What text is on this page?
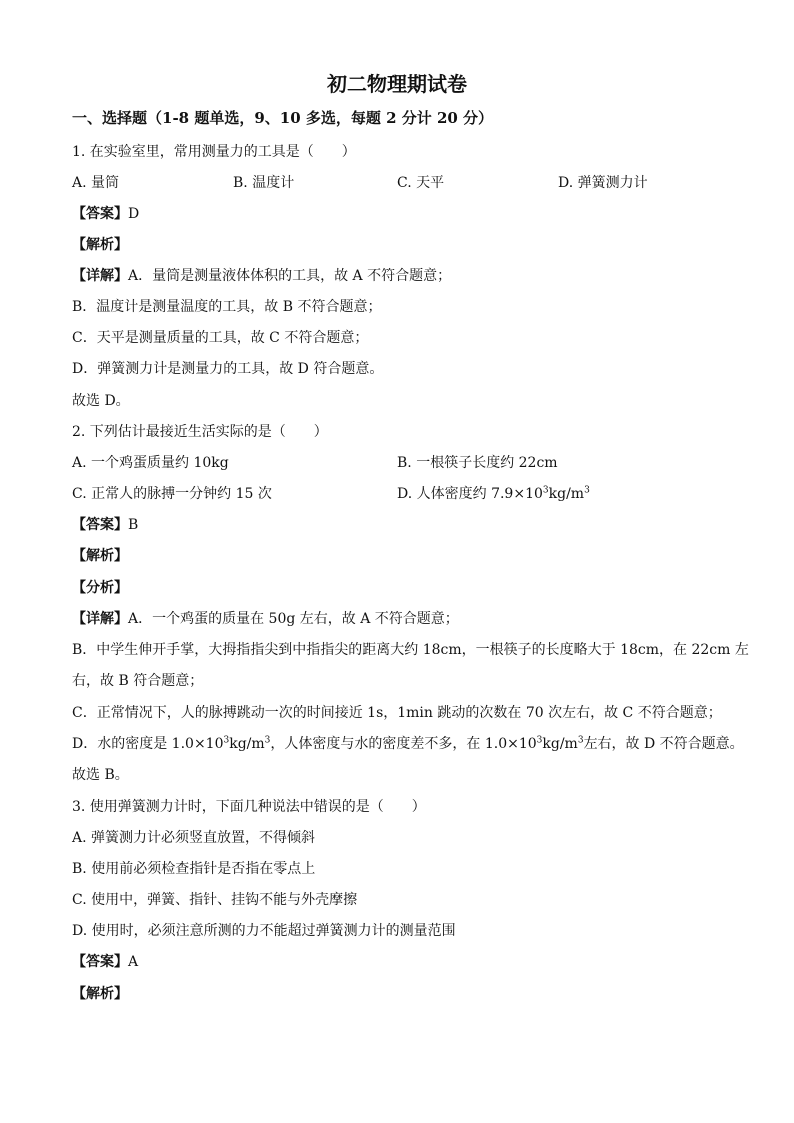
初二物理期试卷
一、选择题（1-8 题单选，9、10 多选，每题 2 分计 20 分）
1. 在实验室里，常用测量力的工具是（　　）
A. 量筒	B. 温度计	C. 天平	D. 弹簧测力计
【答案】D
【解析】
【详解】A．量筒是测量液体体积的工具，故 A 不符合题意；
B．温度计是测量温度的工具，故 B 不符合题意；
C．天平是测量质量的工具，故 C 不符合题意；
D．弹簧测力计是测量力的工具，故 D 符合题意。
故选 D。
2. 下列估计最接近生活实际的是（　　）
A. 一个鸡蛋质量约 10kg	B. 一根筷子长度约 22cm
C. 正常人的脉搏一分钟约 15 次	D. 人体密度约 $7.9\times 10^3kg/m^3$
【答案】B
【解析】
【分析】
【详解】A．一个鸡蛋的质量在 50g 左右，故 A 不符合题意；
B．中学生伸开手掌，大拇指指尖到中指指尖的距离大约 18cm，一根筷子的长度略大于 18cm，在 22cm 左
右，故 B 符合题意；
C．正常情况下，人的脉搏跳动一次的时间接近 1s，1min 跳动的次数在 70 次左右，故 C 不符合题意；
D．水的密度是 $1.0\times 10^3kg/m^3$，人体密度与水的密度差不多，在 $1.0\times 10^3kg/m^3$左右，故 D 不符合题意。
故选 B。
3. 使用弹簧测力计时，下面几种说法中错误的是（　　）
A. 弹簧测力计必须竖直放置，不得倾斜
B. 使用前必须检查指针是否指在零点上
C. 使用中，弹簧、指针、挂钩不能与外壳摩擦
D. 使用时，必须注意所测的力不能超过弹簧测力计的测量范围
【答案】A
【解析】
